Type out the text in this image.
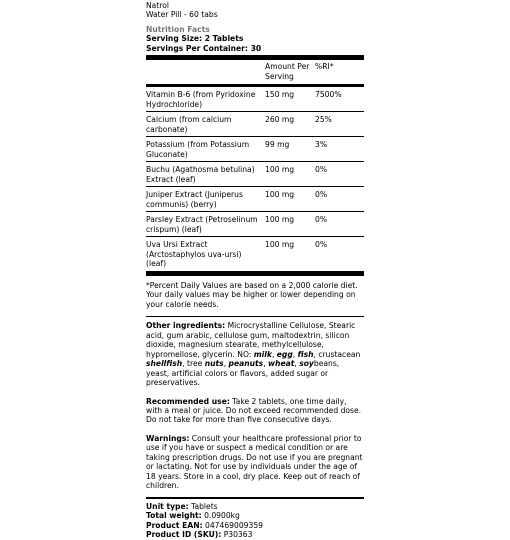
Natrol
Water Pill - 60 tabs
Nutrition Facts
Serving Size: 2 Tablets
Servings Per Container: 30
	Amount Per Serving	%RI*
Vitamin B-6 (from Pyridoxine Hydrochloride)	150 mg	7500%
Calcium (from calcium carbonate)	260 mg	25%
Potassium (from Potassium Gluconate)	99 mg	3%
Buchu (Agathosma betulina) Extract (leaf)	100 mg	0%
Juniper Extract (Juniperus communis) (berry)	100 mg	0%
Parsley Extract (Petroselinum crispum) (leaf)	100 mg	0%
Uva Ursi Extract (Arctostaphylos uva-ursi) (leaf)	100 mg	0%
*Percent Daily Values are based on a 2,000 calorie diet. Your daily values may be higher or lower depending on your calorie needs.
Other ingredients: Microcrystalline Cellulose, Stearic acid, gum arabic, cellulose gum, maltodextrin, silicon dioxide, magnesium stearate, methylcellulose, hypromellose, glycerin. NO: milk, egg, fish, crustacean shellfish, tree nuts, peanuts, wheat, soybeans, yeast, artificial colors or flavors, added sugar or preservatives.
Recommended use: Take 2 tablets, one time daily, with a meal or juice. Do not exceed recommended dose. Do not take for more than five consecutive days.
Warnings: Consult your healthcare professional prior to use if you have or suspect a medical condition or are taking prescription drugs. Do not use if you are pregnant or lactating. Not for use by individuals under the age of 18 years. Store in a cool, dry place. Keep out of reach of children.
Unit type: Tablets
Total weight: 0.0900kg
Product EAN: 047469009359
Product ID (SKU): P30363
